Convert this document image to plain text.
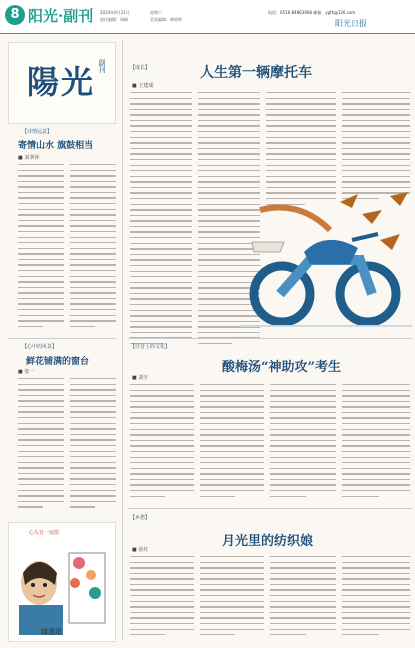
8 阳光·副刊 2024年9月21日	星期六
责任编辑：周峰	美术编辑：林婷婷
电话：0516-84863908 邮箱：ygfk@126.com
阳光日报
陽光 副刊
【诗情远意】
寄情山水 旗鼓相当
■ 刘翠萍
【心中的风景】
鲜花铺满的窗台
■ 张一
心头有一扇窗
绿意浓
【成长】	人生第一辆摩托车
■ 王建成
【往昔上的文化】
酸梅汤“神助攻”考生
■ 刘宇
【乡愁】
月光里的纺织娘
■ 张红
